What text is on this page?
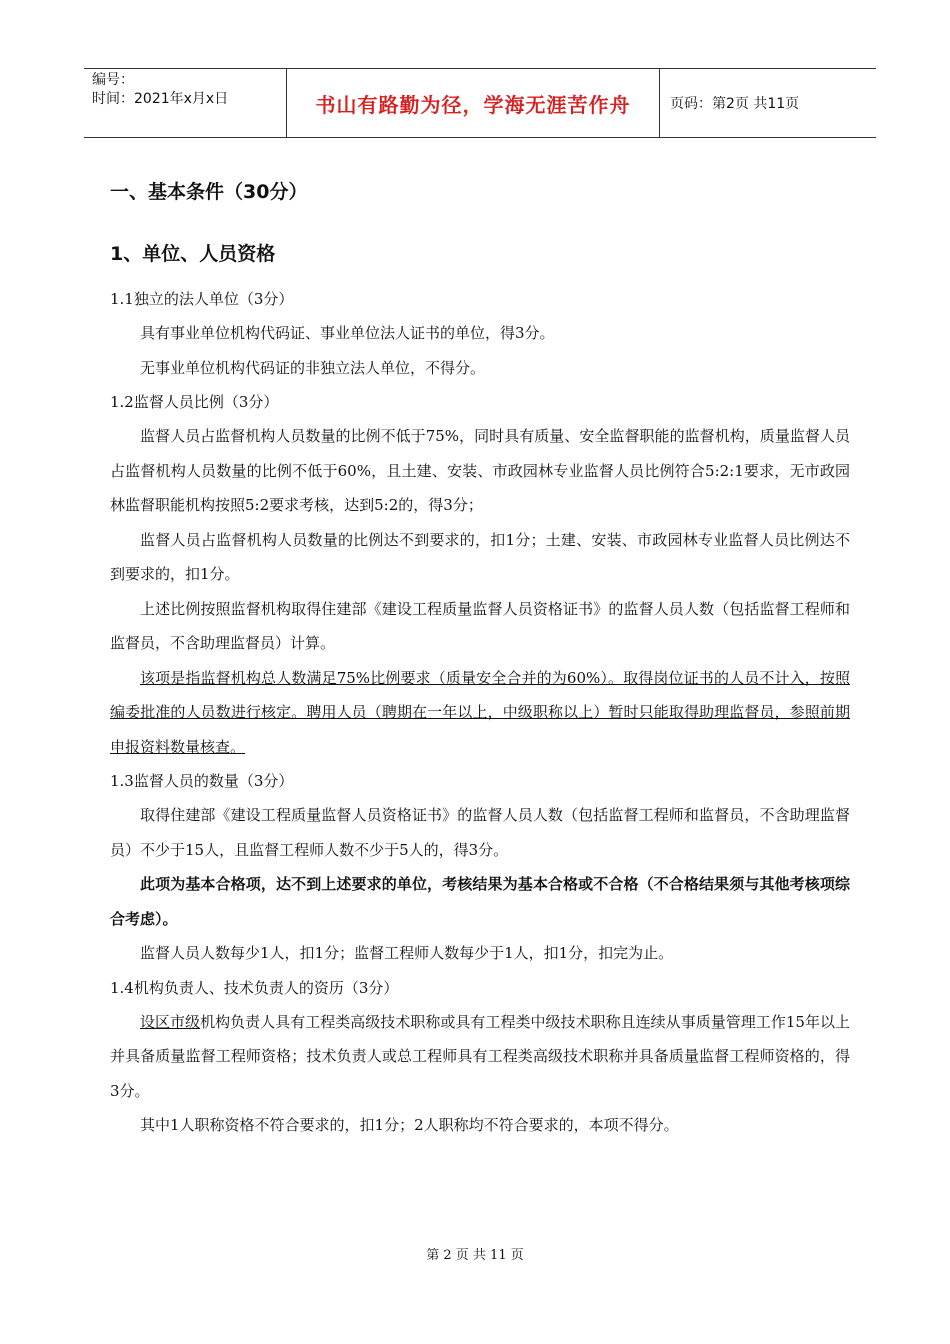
编号：
时间：2021年x月x日	书山有路勤为径，学海无涯苦作舟	页码：第2页 共11页
一、基本条件（30分）
1、单位、人员资格
1.1独立的法人单位（3分）
具有事业单位机构代码证、事业单位法人证书的单位，得3分。
无事业单位机构代码证的非独立法人单位，不得分。
1.2监督人员比例（3分）
监督人员占监督机构人员数量的比例不低于75%，同时具有质量、安全监督职能的监督机构，质量监督人员占监督机构人员数量的比例不低于60%，且土建、安装、市政园林专业监督人员比例符合5:2:1要求，无市政园林监督职能机构按照5:2要求考核，达到5:2的，得3分；
监督人员占监督机构人员数量的比例达不到要求的，扣1分；土建、安装、市政园林专业监督人员比例达不到要求的，扣1分。
上述比例按照监督机构取得住建部《建设工程质量监督人员资格证书》的监督人员人数（包括监督工程师和监督员，不含助理监督员）计算。
该项是指监督机构总人数满足75%比例要求（质量安全合并的为60%）。取得岗位证书的人员不计入，按照编委批准的人员数进行核定。聘用人员（聘期在一年以上，中级职称以上）暂时只能取得助理监督员，参照前期申报资料数量核查。
1.3监督人员的数量（3分）
取得住建部《建设工程质量监督人员资格证书》的监督人员人数（包括监督工程师和监督员，不含助理监督员）不少于15人，且监督工程师人数不少于5人的，得3分。
此项为基本合格项，达不到上述要求的单位，考核结果为基本合格或不合格（不合格结果须与其他考核项综合考虑）。
监督人员人数每少1人，扣1分；监督工程师人数每少于1人，扣1分，扣完为止。
1.4机构负责人、技术负责人的资历（3分）
设区市级机构负责人具有工程类高级技术职称或具有工程类中级技术职称且连续从事质量管理工作15年以上并具备质量监督工程师资格；技术负责人或总工程师具有工程类高级技术职称并具备质量监督工程师资格的，得3分。
其中1人职称资格不符合要求的，扣1分；2人职称均不符合要求的，本项不得分。
第 2 页 共 11 页
